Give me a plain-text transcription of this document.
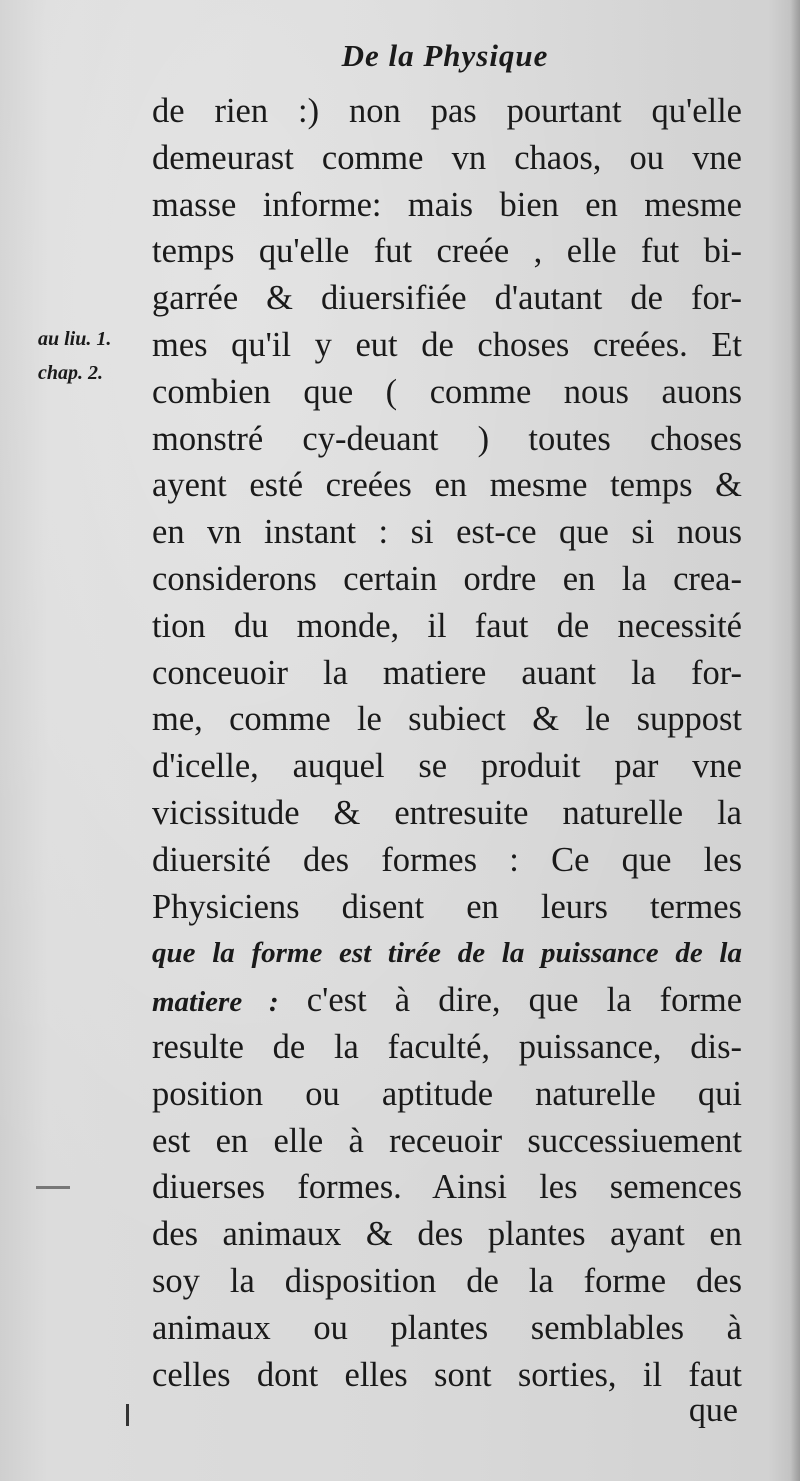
De la Physique
au liu. 1.
chap. 2.
de rien :) non pas pourtant qu'elle
demeurast comme vn chaos, ou vne
masse informe: mais bien en mesme
temps qu'elle fut creée , elle fut bi-
garrée & diuersifiée d'autant de for-
mes qu'il y eut de choses creées. Et
combien que ( comme nous auons
monstré cy-deuant ) toutes choses
ayent esté creées en mesme temps &
en vn instant : si est-ce que si nous
considerons certain ordre en la crea-
tion du monde, il faut de necessité
conceuoir la matiere auant la for-
me, comme le subiect & le suppost
d'icelle, auquel se produit par vne
vicissitude & entresuite naturelle la
diuersité des formes : Ce que les
Physiciens disent en leurs termes
que la forme est tirée de la puissance de la
matiere : c'est à dire, que la forme
resulte de la faculté, puissance, dis-
position ou aptitude naturelle qui
est en elle à receuoir successiuement
diuerses formes. Ainsi les semences
des animaux & des plantes ayant en
soy la disposition de la forme des
animaux ou plantes semblables à
celles dont elles sont sorties, il faut
que
